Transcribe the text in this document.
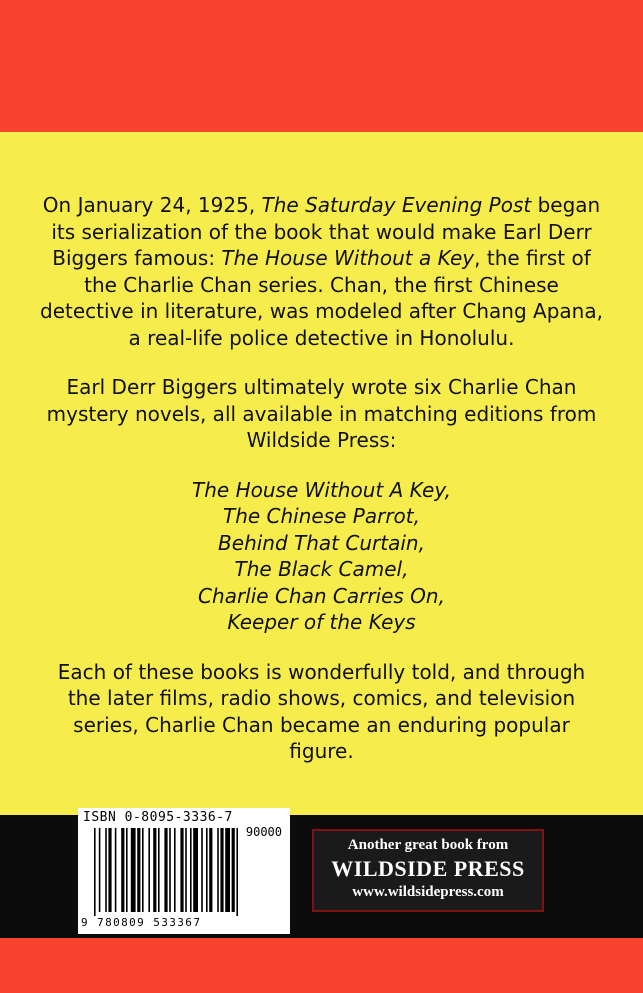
On January 24, 1925, The Saturday Evening Post began its serialization of the book that would make Earl Derr Biggers famous: The House Without a Key, the first of the Charlie Chan series. Chan, the first Chinese detective in literature, was modeled after Chang Apana, a real-life police detective in Honolulu.

Earl Derr Biggers ultimately wrote six Charlie Chan mystery novels, all available in matching editions from Wildside Press:

The House Without A Key,
The Chinese Parrot,
Behind That Curtain,
The Black Camel,
Charlie Chan Carries On,
Keeper of the Keys

Each of these books is wonderfully told, and through the later films, radio shows, comics, and television series, Charlie Chan became an enduring popular figure.

ISBN 0-8095-3336-7
90000
9 780809 533367
Another great book from
WILDSIDE PRESS
www.wildsidepress.com
